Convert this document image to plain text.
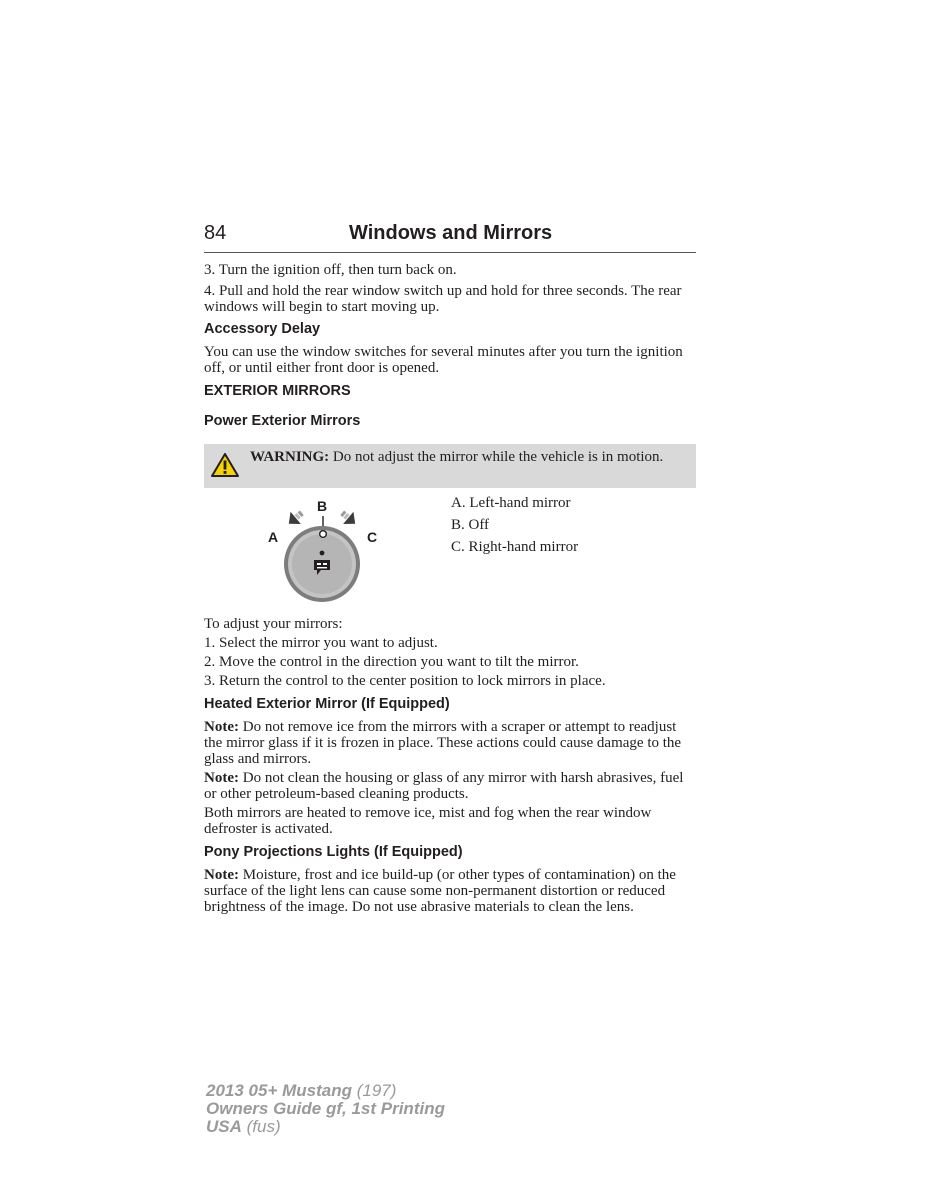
84	Windows and Mirrors

3. Turn the ignition off, then turn back on.

4. Pull and hold the rear window switch up and hold for three seconds. The rear windows will begin to start moving up.

Accessory Delay

You can use the window switches for several minutes after you turn the ignition off, or until either front door is opened.

EXTERIOR MIRRORS
Power Exterior Mirrors
WARNING: Do not adjust the mirror while the vehicle is in motion.
B
A	C
A. Left-hand mirror
B. Off
C. Right-hand mirror

To adjust your mirrors:

1. Select the mirror you want to adjust.

2. Move the control in the direction you want to tilt the mirror.

3. Return the control to the center position to lock mirrors in place.

Heated Exterior Mirror (If Equipped)

Note: Do not remove ice from the mirrors with a scraper or attempt to readjust the mirror glass if it is frozen in place. These actions could cause damage to the glass and mirrors.

Note: Do not clean the housing or glass of any mirror with harsh abrasives, fuel or other petroleum-based cleaning products.

Both mirrors are heated to remove ice, mist and fog when the rear window defroster is activated.

Pony Projections Lights (If Equipped)

Note: Moisture, frost and ice build-up (or other types of contamination) on the surface of the light lens can cause some non-permanent distortion or reduced brightness of the image. Do not use abrasive materials to clean the lens.

2013 05+ Mustang (197)
Owners Guide gf, 1st Printing
USA (fus)
